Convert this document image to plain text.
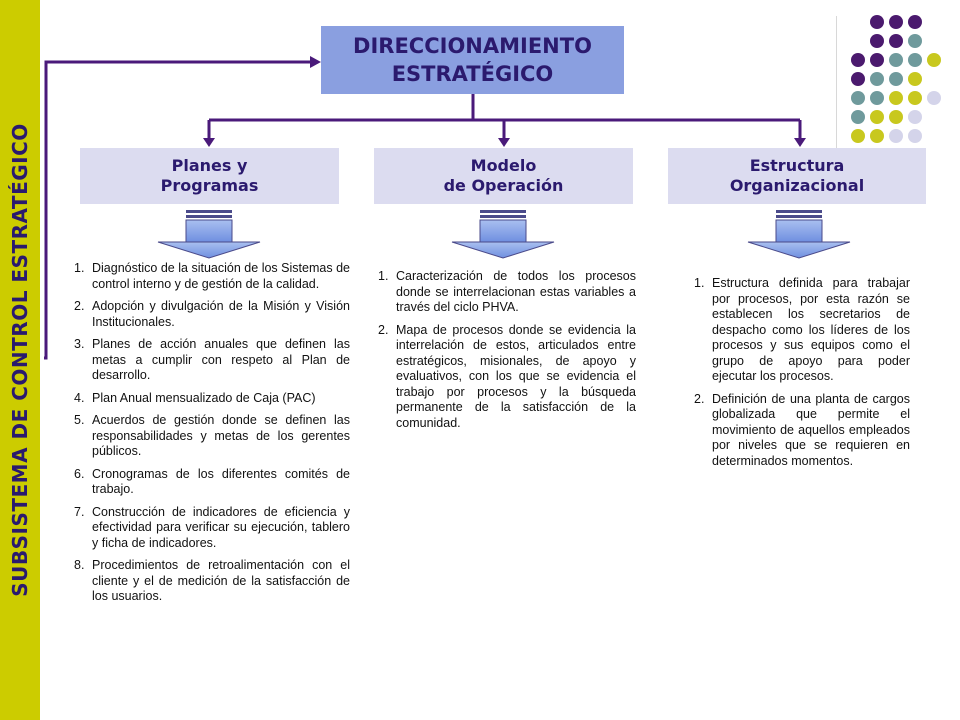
SUBSISTEMA DE CONTROL ESTRATÉGICO
DIRECCIONAMIENTO
ESTRATÉGICO
Planes y
Programas
Modelo
de Operación
Estructura
Organizacional
1. Diagnóstico de la situación de los Sistemas de control interno y de gestión de la calidad.
2. Adopción y divulgación de la Misión y Visión Institucionales.
3. Planes de acción anuales que definen las metas a cumplir con respeto al Plan de desarrollo.
4. Plan Anual mensualizado de Caja (PAC)
5. Acuerdos de gestión donde se definen las responsabilidades y metas de los gerentes públicos.
6. Cronogramas de los diferentes comités de trabajo.
7. Construcción de indicadores de eficiencia y efectividad para verificar su ejecución, tablero y ficha de indicadores.
8. Procedimientos de retroalimentación con el cliente y el de medición de la satisfacción de los usuarios.
1. Caracterización de todos los procesos donde se interrelacionan estas variables a través del ciclo PHVA.
2. Mapa de procesos donde se evidencia la interrelación de estos, articulados entre estratégicos, misionales, de apoyo y evaluativos, con los que se evidencia el trabajo por procesos y la búsqueda permanente de la satisfacción de la comunidad.
1. Estructura definida para trabajar por procesos, por esta razón se establecen los secretarios de despacho como los líderes de los procesos y sus equipos como el grupo de apoyo para poder ejecutar los procesos.
2. Definición de una planta de cargos globalizada que permite el movimiento de aquellos empleados por niveles que se requieren en determinados momentos.
